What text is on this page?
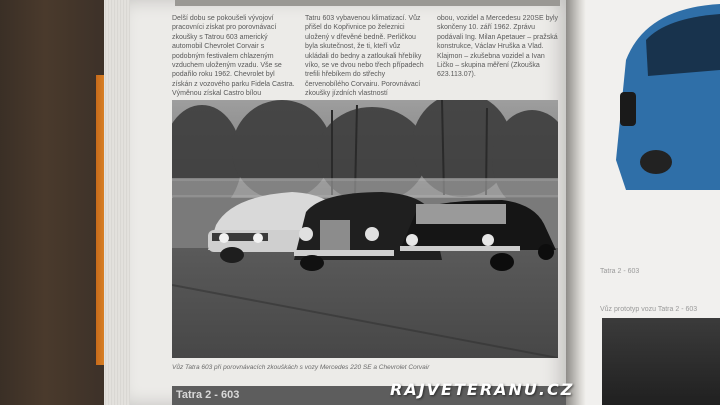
Delší dobu se pokoušeli vývojoví pracovníci získat pro porovnávací zkoušky s Tatrou 603 americký automobil Chevrolet Corvair s podobným festivalem chlazeným vzduchem uloženým vzadu. Vše se podařilo roku 1962. Chevrolet byl získán z vozového parku Fidela Castra. Výměnou získal Castro bílou
Tatru 603 vybavenou klimatizací. Vůz přišel do Kopřivnice po železnici uložený v dřevěné bedně. Perličkou byla skutečnost, že ti, kteří vůz ukládali do bedny a zatloukali hřebíky víko, se ve dvou nebo třech případech trefili hřebíkem do střechy červenobílého Corvairu. Porovnávací zkoušky jízdních vlastností
obou, vozidel a Mercedesu 220SE byly skončeny 10. září 1962. Zprávu podávali Ing. Milan Apetauer – pražská konstrukce, Václav Hruška a Vlad. Klajmon – zkušebna vozidel a Ivan Ličko – skupina měření (Zkouška 623.113.07).
Vůz Tatra 603 při porovnávacích zkouškách s vozy Mercedes 220 SE a Chevrolet Corvair
Tatra 2 - 603
Tatra 2 - 603
Vůz prototyp vozu Tatra 2 - 603
RAJVETERANU.CZ
